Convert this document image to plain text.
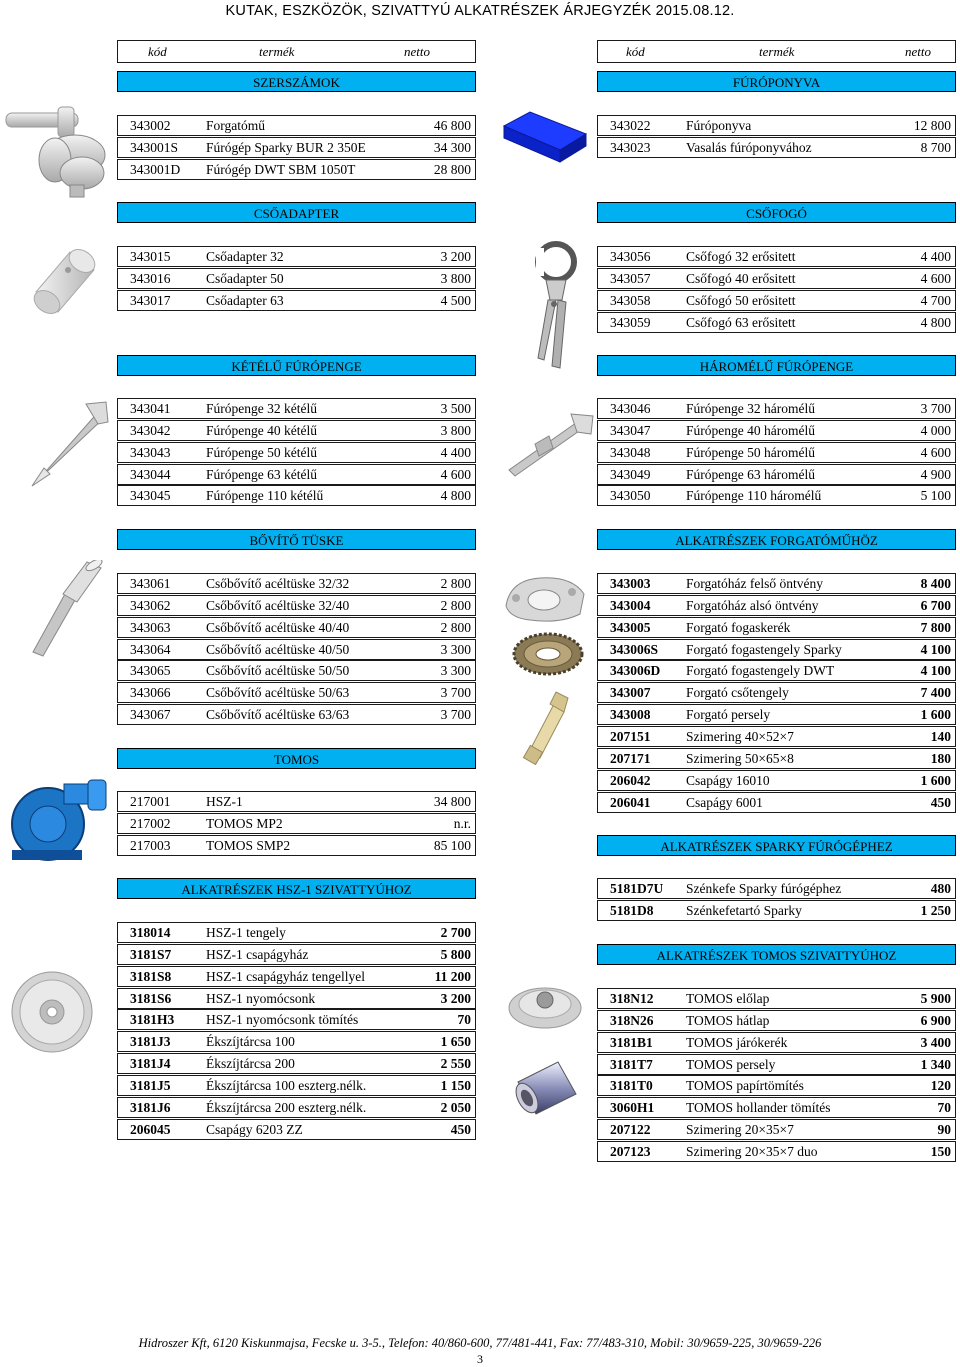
KUTAK, ESZKÖZÖK, SZIVATTYÚ ALKATRÉSZEK ÁRJEGYZÉK 2015.08.12.
kód	termék	netto	kód	termék	netto
SZERSZÁMOK	FÚRÓPONYVA
CSŐADAPTER	CSŐFOGÓ
KÉTÉLŰ FÚRÓPENGE	HÁROMÉLŰ FÚRÓPENGE
BŐVÍTŐ TÜSKE	ALKATRÉSZEK FORGATÓMŰHÖZ
TOMOS
ALKATRÉSZEK SPARKY FÚRÓGÉPHEZ
ALKATRÉSZEK HSZ-1 SZIVATTYÚHOZ
ALKATRÉSZEK TOMOS SZIVATTYÚHOZ
343002	Forgatómű	46 800
343001S Fúrógép Sparky BUR 2 350E	34 300
343001D Fúrógép DWT SBM 1050T	28 800
343022	Fúróponyva	12 800
343023	Vasalás fúróponyvához	8 700
343015	Csőadapter 32	3 200
343016	Csőadapter 50	3 800
343017	Csőadapter 63	4 500
343056	Csőfogó 32 erősitett	4 400
343057	Csőfogó 40 erősitett	4 600
343058	Csőfogó 50 erősitett	4 700
343059	Csőfogó 63 erősitett	4 800
343041	Fúrópenge 32 kétélű	3 500
343042	Fúrópenge 40 kétélű	3 800
343043	Fúrópenge 50 kétélű	4 400
343044	Fúrópenge 63 kétélű	4 600
343045	Fúrópenge 110 kétélű	4 800
343046	Fúrópenge 32 háromélű	3 700
343047	Fúrópenge 40 háromélű	4 000
343048	Fúrópenge 50 háromélű	4 600
343049	Fúrópenge 63 háromélű	4 900
343050	Fúrópenge 110 háromélű	5 100
343061	Csőbővítő acéltüske 32/32	2 800
343062	Csőbővítő acéltüske 32/40	2 800
343063	Csőbővítő acéltüske 40/40	2 800
343064	Csőbővítő acéltüske 40/50	3 300
343065	Csőbővítő acéltüske 50/50	3 300
343066	Csőbővítő acéltüske 50/63	3 700
343067	Csőbővítő acéltüske 63/63	3 700
343003	Forgatóház felső öntvény	8 400
343004	Forgatóház alsó öntvény	6 700
343005	Forgató fogaskerék	7 800
343006S Forgató fogastengely Sparky	4 100
343006D Forgató fogastengely DWT	4 100
343007	Forgató csőtengely	7 400
343008	Forgató persely	1 600
207151	Szimering 40×52×7	140
207171	Szimering 50×65×8	180
206042	Csapágy 16010	1 600
206041	Csapágy 6001	450
217001	HSZ-1	34 800
217002	TOMOS MP2	n.r.
217003	TOMOS SMP2	85 100
5181D7U Szénkefe Sparky fúrógéphez	480
5181D8 Szénkefetartó Sparky	1 250
318014	HSZ-1 tengely	2 700
3181S7	HSZ-1 csapágyház	5 800
3181S8	HSZ-1 csapágyház tengellyel	11 200
3181S6	HSZ-1 nyomócsonk	3 200
3181H3 HSZ-1 nyomócsonk tömítés	70
3181J3	Ékszíjtárcsa 100	1 650
3181J4	Ékszíjtárcsa 200	2 550
3181J5	Ékszíjtárcsa 100 eszterg.nélk.	1 150
3181J6	Ékszíjtárcsa 200 eszterg.nélk.	2 050
206045	Csapágy 6203 ZZ	450
318N12 TOMOS előlap	5 900
318N26 TOMOS hátlap	6 900
3181B1 TOMOS járókerék	3 400
3181T7 TOMOS persely	1 340
3181T0 TOMOS papírtömítés	120
3060H1 TOMOS hollander tömítés	70
207122	Szimering 20×35×7	90
207123	Szimering 20×35×7 duo	150
Hidroszer Kft, 6120 Kiskunmajsa, Fecske u. 3-5., Telefon: 40/860-600, 77/481-441, Fax: 77/483-310, Mobil: 30/9659-225, 30/9659-226
3
